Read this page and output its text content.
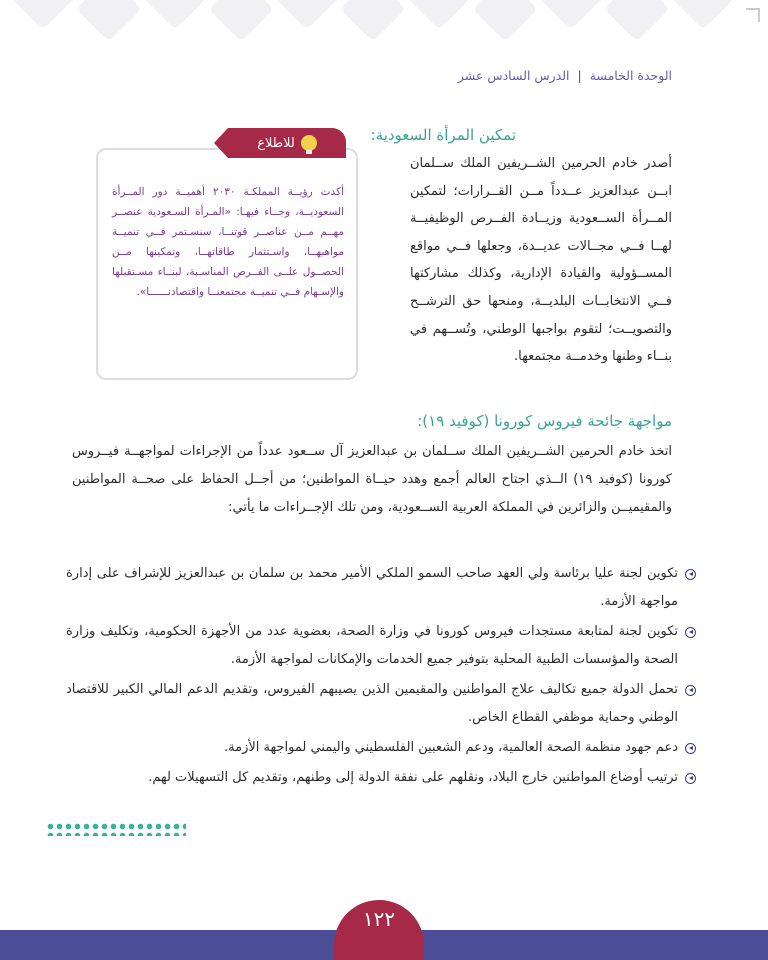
الوحدة الخامسة | الدرس السادس عشر
للاطلاع
أكدت رؤيــة المملكـة ٢٠٣٠ أهميــة دور المــرأة السعوديــة، وجــاء فيهـا: «المـرأة السـعودية عنصــر مهــم مــن عناصــر قوتنــا، سنسـتمر فــي تنميــة مواهبهــا، واسـتثمار طاقاتهــا، وتمكينها مــن الحصــول علــى الفــرص المناسـبة، لبنــاء مسـتقبلها والإسـهام فــي تنميــة مجتمعنــا واقتصادنــــــا».
تمكين المرأة السعودية:

أصدر خادم الحرمين الشــريفين الملك ســلمان ابــن عبدالعزيز عــدداً مــن القــرارات؛ لتمكين المــرأة الســعودية وزيــادة الفــرص الوظيفيــة لهــا فــي مجــالات عديــدة، وجعلها فــي مواقع المســؤولية والقيادة الإدارية، وكذلك مشاركتها فــي الانتخابــات البلديــة، ومنحها حق الترشــح والتصويــت؛ لتقوم بواجبها الوطني، وتُســهم في بنــاء وطنها وخدمــة مجتمعها.

مواجهة جائحة فيروس كورونا (كوفيد ١٩):

اتخذ خادم الحرمين الشــريفين الملك ســلمان بن عبدالعزيز آل ســعود عدداً من الإجراءات لمواجهــة فيــروس كورونا (كوفيد ١٩) الــذي اجتاح العالم أجمع وهدد حيــاة المواطنين؛ من أجــل الحفاظ على صحــة المواطنين والمقيميــن والزائرين في المملكة العربية الســعودية، ومن تلك الإجــراءات ما يأتي:

تكوين لجنة عليا برئاسة ولي العهد صاحب السمو الملكي الأمير محمد بن سلمان بن عبدالعزيز للإشراف على إدارة مواجهة الأزمة.
تكوين لجنة لمتابعة مستجدات فيروس كورونا في وزارة الصحة، بعضوية عدد من الأجهزة الحكومية، وتكليف وزارة الصحة والمؤسسات الطبية المحلية بتوفير جميع الخدمات والإمكانات لمواجهة الأزمة.
تحمل الدولة جميع تكاليف علاج المواطنين والمقيمين الذين يصيبهم الفيروس، وتقديم الدعم المالي الكبير للاقتصاد الوطني وحماية موظفي القطاع الخاص.
دعم جهود منظمة الصحة العالمية، ودعم الشعبين الفلسطيني واليمني لمواجهة الأزمة.
ترتيب أوضاع المواطنين خارج البلاد، ونقلهم على نفقة الدولة إلى وطنهم، وتقديم كل التسهيلات لهم.
١٢٢
